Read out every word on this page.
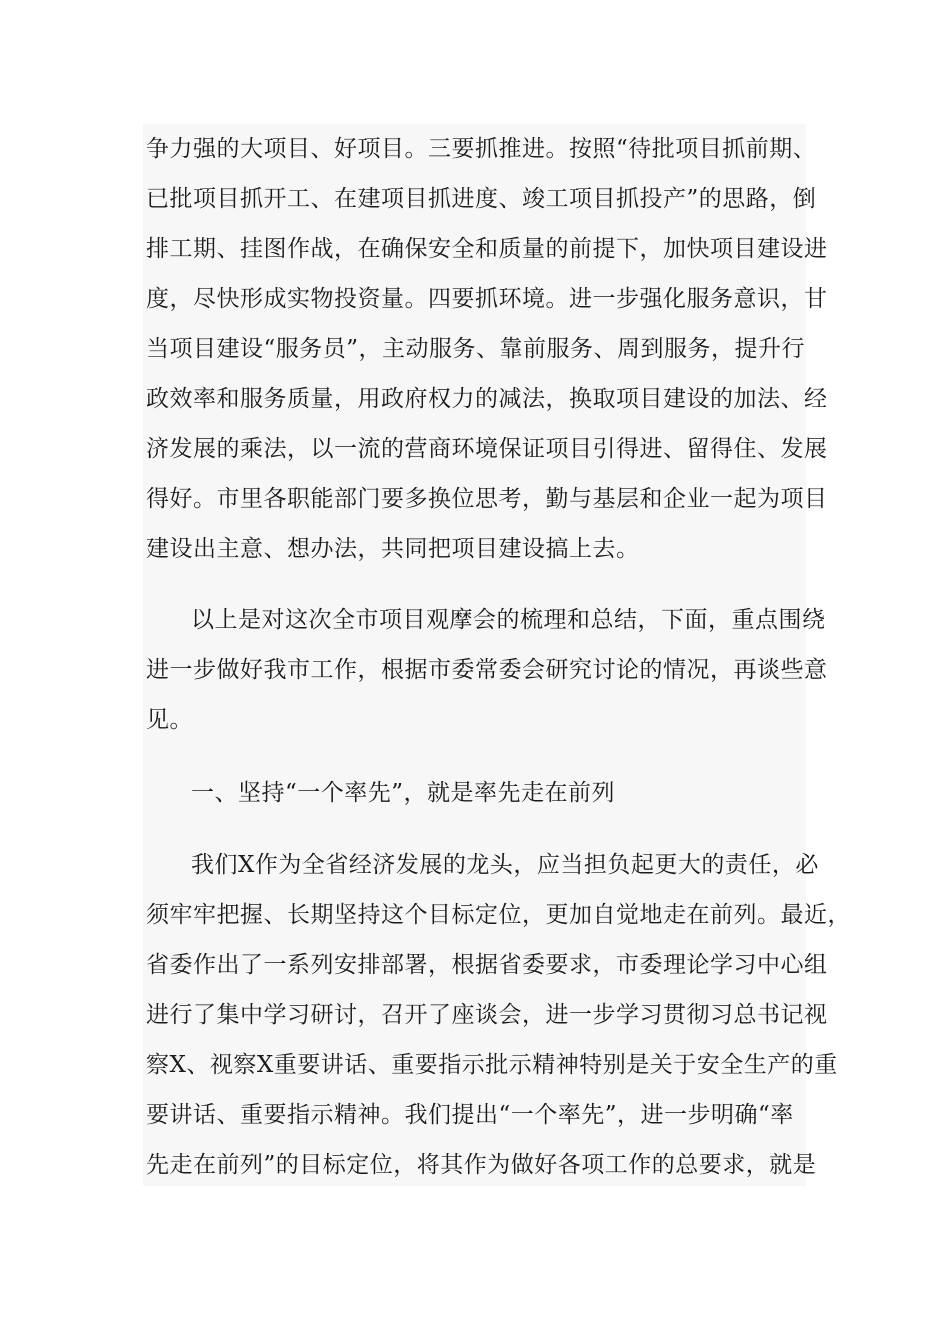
争力强的大项目、好项目。三要抓推进。按照“待批项目抓前期、
已批项目抓开工、在建项目抓进度、竣工项目抓投产”的思路，倒
排工期、挂图作战，在确保安全和质量的前提下，加快项目建设进
度，尽快形成实物投资量。四要抓环境。进一步强化服务意识，甘
当项目建设“服务员”，主动服务、靠前服务、周到服务，提升行
政效率和服务质量，用政府权力的减法，换取项目建设的加法、经
济发展的乘法，以一流的营商环境保证项目引得进、留得住、发展
得好。市里各职能部门要多换位思考，勤与基层和企业一起为项目
建设出主意、想办法，共同把项目建设搞上去。
以上是对这次全市项目观摩会的梳理和总结，下面，重点围绕
进一步做好我市工作，根据市委常委会研究讨论的情况，再谈些意
见。
一、坚持“一个率先”，就是率先走在前列
我们X作为全省经济发展的龙头，应当担负起更大的责任，必
须牢牢把握、长期坚持这个目标定位，更加自觉地走在前列。最近，
省委作出了一系列安排部署，根据省委要求，市委理论学习中心组
进行了集中学习研讨，召开了座谈会，进一步学习贯彻习总书记视
察X、视察X重要讲话、重要指示批示精神特别是关于安全生产的重
要讲话、重要指示精神。我们提出“一个率先”，进一步明确“率
先走在前列”的目标定位，将其作为做好各项工作的总要求，就是
